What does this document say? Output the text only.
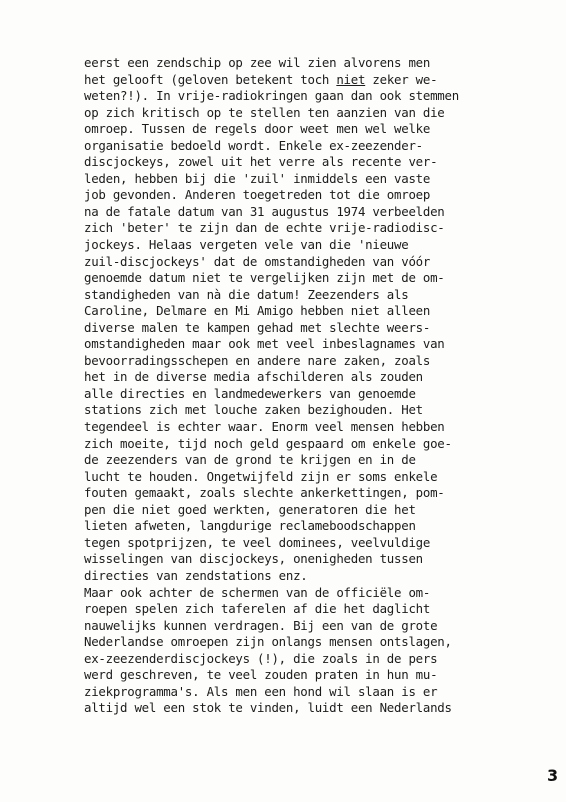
eerst een zendschip op zee wil zien alvorens men
het gelooft (geloven betekent toch niet zeker we-
weten?!). In vrije-radiokringen gaan dan ook stemmen
op zich kritisch op te stellen ten aanzien van die
omroep. Tussen de regels door weet men wel welke
organisatie bedoeld wordt. Enkele ex-zeezender-
discjockeys, zowel uit het verre als recente ver-
leden, hebben bij die 'zuil' inmiddels een vaste
job gevonden. Anderen toegetreden tot die omroep
na de fatale datum van 31 augustus 1974 verbeelden
zich 'beter' te zijn dan de echte vrije-radiodisc-
jockeys. Helaas vergeten vele van die 'nieuwe
zuil-discjockeys' dat de omstandigheden van vóór
genoemde datum niet te vergelijken zijn met de om-
standigheden van nà die datum! Zeezenders als
Caroline, Delmare en Mi Amigo hebben niet alleen
diverse malen te kampen gehad met slechte weers-
omstandigheden maar ook met veel inbeslagnames van
bevoorradingsschepen en andere nare zaken, zoals
het in de diverse media afschilderen als zouden
alle directies en landmedewerkers van genoemde
stations zich met louche zaken bezighouden. Het
tegendeel is echter waar. Enorm veel mensen hebben
zich moeite, tijd noch geld gespaard om enkele goe-
de zeezenders van de grond te krijgen en in de
lucht te houden. Ongetwijfeld zijn er soms enkele
fouten gemaakt, zoals slechte ankerkettingen, pom-
pen die niet goed werkten, generatoren die het
lieten afweten, langdurige reclameboodschappen
tegen spotprijzen, te veel dominees, veelvuldige
wisselingen van discjockeys, onenigheden tussen
directies van zendstations enz.
Maar ook achter de schermen van de officiële om-
roepen spelen zich taferelen af die het daglicht
nauwelijks kunnen verdragen. Bij een van de grote
Nederlandse omroepen zijn onlangs mensen ontslagen,
ex-zeezenderdiscjockeys (!), die zoals in de pers
werd geschreven, te veel zouden praten in hun mu-
ziekprogramma's. Als men een hond wil slaan is er
altijd wel een stok te vinden, luidt een Nederlands
3
